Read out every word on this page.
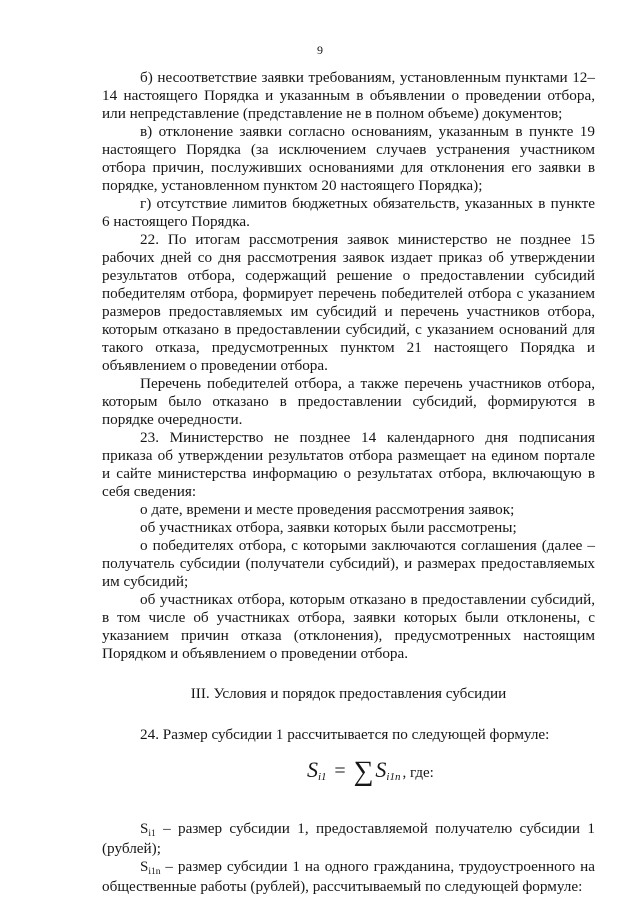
9

б) несоответствие заявки требованиям, установленным пунктами 12–14 настоящего Порядка и указанным в объявлении о проведении отбора, или непредставление (представление не в полном объеме) документов;

в) отклонение заявки согласно основаниям, указанным в пункте 19 настоящего Порядка (за исключением случаев устранения участником отбора причин, послуживших основаниями для отклонения его заявки в порядке, установленном пунктом 20 настоящего Порядка);

г) отсутствие лимитов бюджетных обязательств, указанных в пункте 6 настоящего Порядка.

22. По итогам рассмотрения заявок министерство не позднее 15 рабочих дней со дня рассмотрения заявок издает приказ об утверждении результатов отбора, содержащий решение о предоставлении субсидий победителям отбора, формирует перечень победителей отбора с указанием размеров предоставляемых им субсидий и перечень участников отбора, которым отказано в предоставлении субсидий, с указанием оснований для такого отказа, предусмотренных пунктом 21 настоящего Порядка и объявлением о проведении отбора.

Перечень победителей отбора, а также перечень участников отбора, которым было отказано в предоставлении субсидий, формируются в порядке очередности.

23. Министерство не позднее 14 календарного дня подписания приказа об утверждении результатов отбора размещает на едином портале и сайте министерства информацию о результатах отбора, включающую в себя сведения:

о дате, времени и месте проведения рассмотрения заявок;

об участниках отбора, заявки которых были рассмотрены;

о победителях отбора, с которыми заключаются соглашения (далее – получатель субсидии (получатели субсидий), и размерах предоставляемых им субсидий;

об участниках отбора, которым отказано в предоставлении субсидий, в том числе об участниках отбора, заявки которых были отклонены, с указанием причин отказа (отклонения), предусмотренных настоящим Порядком и объявлением о проведении отбора.

III. Условия и порядок предоставления субсидии

24. Размер субсидии 1 рассчитывается по следующей формуле:

Si1 = ∑Si1n , где:

Si1 – размер субсидии 1, предоставляемой получателю субсидии 1 (рублей);

Si1n – размер субсидии 1 на одного гражданина, трудоустроенного на общественные работы (рублей), рассчитываемый по следующей формуле:
